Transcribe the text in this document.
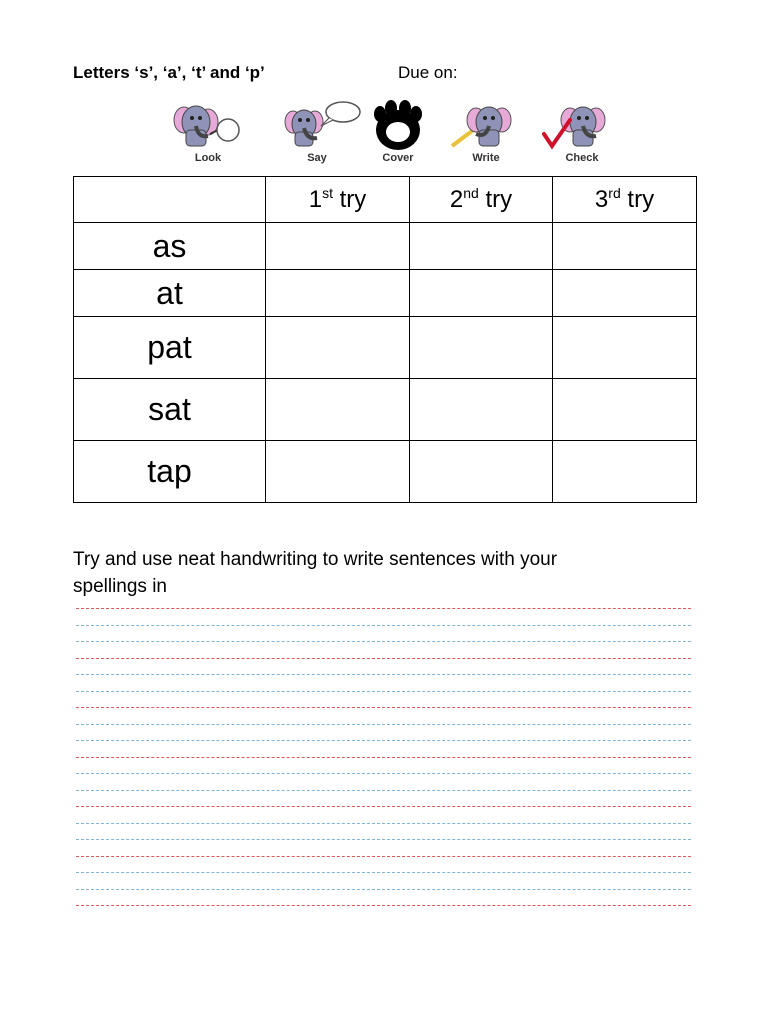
Letters ‘s’, ‘a’, ‘t’ and ‘p’	Due on:
Look	Say	Cover	Write	Check
	1st try	2nd try	3rd try
as			
at			
pat			
sat			
tap			
Try and use neat handwriting to write sentences with your
spellings in
